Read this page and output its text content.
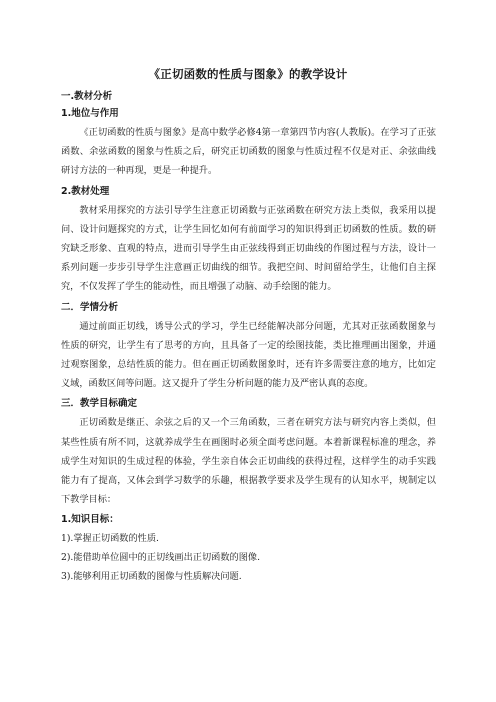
《正切函数的性质与图象》的教学设计
一.教材分析
1.地位与作用
《正切函数的性质与图象》是高中数学必修4第一章第四节内容(人教版)。在学习了正弦函数、余弦函数的图象与性质之后，研究正切函数的图象与性质过程不仅是对正、余弦曲线研讨方法的一种再现，更是一种提升。
2.教材处理
教材采用探究的方法引导学生注意正切函数与正弦函数在研究方法上类似，我采用以提问、设计问题探究的方式，让学生回忆如何有前面学习的知识得到正切函数的性质。数的研究缺乏形象、直观的特点，进而引导学生由正弦线得到正切曲线的作图过程与方法，设计一系列问题一步步引导学生注意画正切曲线的细节。我把空间、时间留给学生，让他们自主探究，不仅发挥了学生的能动性，而且增强了动脑、动手绘图的能力。
二．学情分析
通过前面正切线，诱导公式的学习，学生已经能解决部分问题，尤其对正弦函数图象与性质的研究，让学生有了思考的方向，且具备了一定的绘图技能，类比推理画出图象，并通过观察图象，总结性质的能力。但在画正切函数图象时，还有许多需要注意的地方，比如定义域，函数区间等问题。这又提升了学生分析问题的能力及严密认真的态度。
三．教学目标确定
正切函数是继正、余弦之后的又一个三角函数，三者在研究方法与研究内容上类似，但某些性质有所不同，这就养成学生在画图时必须全面考虑问题。本着新课程标准的理念，养成学生对知识的生成过程的体验，学生亲自体会正切曲线的获得过程，这样学生的动手实践能力有了提高，又体会到学习数学的乐趣，根据教学要求及学生现有的认知水平，规制定以下教学目标：
1.知识目标：
1).掌握正切函数的性质.
2).能借助单位圆中的正切线画出正切函数的图像.
3).能够利用正切函数的图像与性质解决问题.
